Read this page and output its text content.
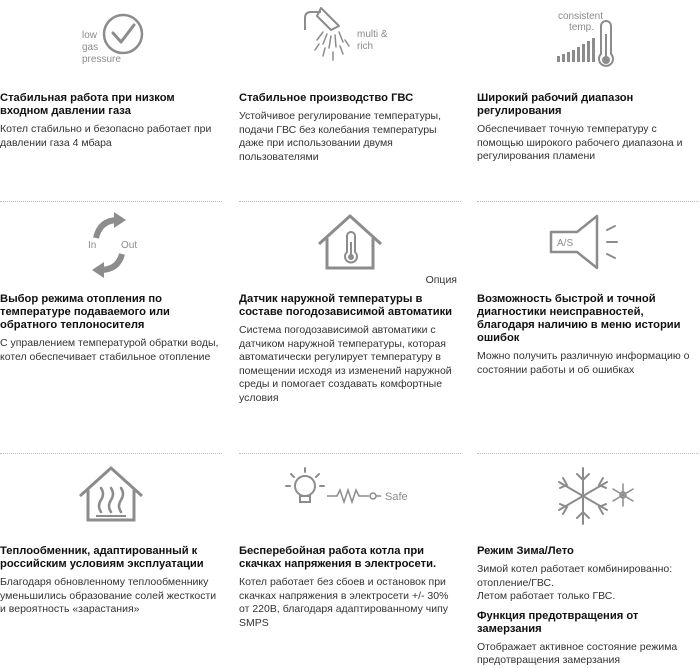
low
gas
pressure
Стабильная работа при низком входном давлении газа
Котел стабильно и безопасно работает при давлении газа 4 мбара
multi &
rich
Стабильное производство ГВС
Устойчивое регулирование температуры, подачи ГВС без колебания температуры даже при использовании двумя пользователями
consistent
temp.
Широкий рабочий диапазон регулирования
Обеспечивает точную температуру с помощью широкого рабочего диапазона и регулирования пламени
In Out
Выбор режима отопления по температуре подаваемого или обратного теплоносителя
С управлением температурой обратки воды, котел обеспечивает стабильное отопление
Опция
Датчик наружной температуры в составе погодозависимой автоматики
Система погодозависимой автоматики с датчиком наружной температуры, которая автоматически регулирует температуру в помещении исходя из изменений наружной среды и помогает создавать комфортные условия
A/S
Возможность быстрой и точной диагностики неисправностей, благодаря наличию в меню истории ошибок
Можно получить различную информацию о состоянии работы и об ошибках
Теплообменник, адаптированный к российским условиям эксплуатации
Благодаря обновленному теплообменнику уменьшились образование солей жесткости и вероятность «зарастания»
Safe
Бесперебойная работа котла при скачках напряжения в электросети.
Котел работает без сбоев и остановок при скачках напряжения в электросети +/- 30% от 220В, благодаря адаптированному чипу SMPS
Режим Зима/Лето
Зимой котел работает комбинированно: отопление/ГВС.
Летом работает только ГВС.
Функция предотвращения от замерзания
Отображает активное состояние режима предотвращения замерзания
